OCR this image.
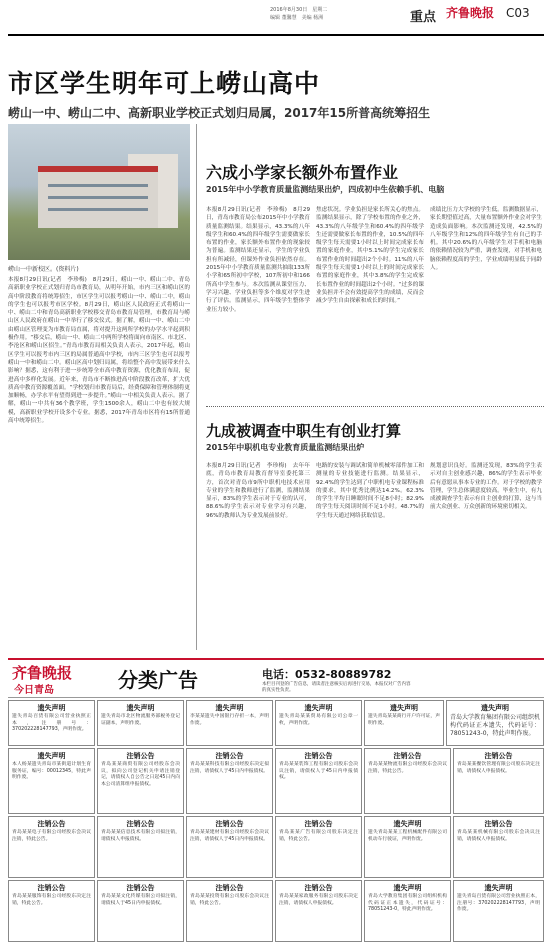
2016年8月30日　星期二
编辑 董馨慧　美编 杨洲	重点 齐鲁晚报 C03
市区学生明年可上崂山高中
崂山一中、崂山二中、高新职业学校正式划归局属，2017年15所普高统筹招生
崂山一中新校区。(资料片)
本报8月29日讯(记者　李珍梅)　8月29日，崂山一中、崂山二中、青岛高新职业学校正式划归青岛市教育局，从明年开始，市内三区和崂山区的高中阶段教育将统筹招生，市区学生可以报考崂山一中、崂山二中，崂山的学生也可以报考市区学校。8月29日，崂山区人民政府正式将崂山一中、崂山二中和青岛高新职业学校移交青岛市教育局管理，市教育局与崂山区人民政府在崂山一中举行了移交仪式。据了解，崂山一中、崂山二中由崂山区管理变为市教育局直属，将对提升这两所学校的办学水平起到积极作用。“移交后，崂山一中、崂山二中两所学校将面向市南区、市北区、李沧区和崂山区招生。”青岛市教育局相关负责人表示，2017年起，崂山区学生可以报考市内三区的局属普通高中学校，市内三区学生也可以报考崂山一中和崂山二中。崂山区高中划归局属，将给整个高中发展带来什么影响？据悉，这有利于进一步统筹全市高中教育资源，优化教育布局，促进高中多样化发展。近年来，青岛市不断推进高中阶段教育改革，扩大优质高中教育资源覆盖面。“学校划归市教育局后，经费保障和管理体制将更加顺畅，办学水平有望得到进一步提升。”崂山一中相关负责人表示。据了解，崂山一中共有36个教学班，学生1500余人，崂山二中也有较大规模，高新职业学校开设多个专业。据悉，2017年青岛市区将有15所普通高中统筹招生。
六成小学家长额外布置作业
2015年中小学教育质量监测结果出炉，四成初中生依赖手机、电脑
本报8月29日讯(记者　李珍梅)　8月29日，青岛市教育局公布2015年中小学教育质量监测结果。结果显示，43.3%的八年级学生和60.4%的四年级学生需要做家长布置的作业，家长额外布置作业的现象较为普遍。监测结果还显示，学生的学业负担有所减轻，但课外作业负担依然存在。2015年中小学教育质量监测共抽取133所小学和65所初中学校，107所初中和166所高中学生参与。本次监测从课堂压力、学习兴趣、学业负担等多个维度对学生进行了评估。监测显示，四年级学生整体学业压力较小。
焦虑状况。学业负担是家长所关心的焦点。监测结果显示，除了学校布置的作业之外，43.3%的八年级学生和60.4%的四年级学生还需要做家长布置的作业，10.5%的四年级学生每天需要1小时以上时间完成家长布置的家庭作业，其中5.1%的学生完成家长布置作业的时间超出2个小时。11%的八年级学生每天需要1小时以上的时间完成家长布置的家庭作业，其中3.8%的学生完成家长布置作业的时间超出2个小时。“过多的课业负担并不会有效提高学生的成绩，反而会减少学生自由探索和成长的时间。”
成绩比压力大学校的学生低。监测数据显示，家长期望值过高，大量布置额外作业会对学生造成负面影响。本次监测还发现，42.5%的八年级学生和12%的四年级学生有自己的手机。其中20.6%的八年级学生对手机和电脑的依赖情况较为严重，调查发现，对手机和电脑依赖程度高的学生，学业成绩明显低于同龄人。
九成被调查中职生有创业打算
2015年中职机电专业教育质量监测结果出炉
本报8月29日讯(记者　李珍梅)　去年年底，青岛市教育局教育督导室委托第三方，首次对青岛市9所中职机电技术应用专业的学生和教师进行了监测，监测结果显示，83%的学生表示对于专业的认可，88.6%的学生表示对专业学习有兴趣，96%的教师认为专业发展前景好。
电路的安装与调试和简单机械零部件加工和测量的专业技能进行监测。结果显示，92.4%的学生达到了中职机电专业课程标准的要求，其中优秀比例达14.2%。62.3%的学生平均日睡眠时间不足8小时；82.9%的学生每天阅读时间不足1小时。48.7%的学生每天通过网络获取信息。
规划意识良好。监测还发现，83%的学生表示对自主创业感兴趣，86%的学生表示毕业后有意愿从事本专业的工作。对于学校的教学管理，学生总体满意度较高。毕业生中，有九成被调查学生表示有自主创业的打算，这与当前大众创业、万众创新的环境密切相关。
齐鲁晚报
今日青岛	分类广告	电话：0532-80889782
本栏目刊登的广告信息，请读者注意核实后再进行交易，本报仅对广告内容的真实性负责。
遗失声明
青岛大学教育集团有限公司组织机构代码证正本遗失，代码证号：78051243-0，特此声明作废。
遗失声明
遗失青岛百货有限公司营业执照正本，注册号：370202228147793，声明作废。
遗失声明
遗失青岛市北区物流服务部税务登记证副本，声明作废。
遗失声明
李某某遗失中国银行存折一本，声明作废。
遗失声明
遗失青岛某某贸易有限公司公章一枚，声明作废。
遗失声明
遗失青岛某某商行开户许可证，声明作废。
遗失声明
本人杨某遗失青岛市某街道计划生育服务证，编号：00012345，特此声明作废。
注销公告
青岛某某商贸有限公司经股东会决议，拟向公司登记机关申请注销登记，请债权人自公告之日起45日内向本公司清算组申报债权。
注销公告
青岛某某科技有限公司经股东决定拟注销，请债权人于45日内申报债权。
注销公告
青岛某某装饰工程有限公司股东会决议注销，请债权人于45日内申报债权。
注销公告
青岛某某物流有限公司经股东会决议注销，特此公告。
注销公告
青岛某某餐饮管理有限公司股东决定注销，请债权人申报债权。
注销公告
青岛某某电子有限公司经股东会决议注销，特此公告。
注销公告
青岛某某信息技术有限公司拟注销，请债权人申报债权。
注销公告
青岛某某建材有限公司经股东会决议注销，请债权人于45日内申报债权。
注销公告
青岛某某广告有限公司股东决定注销，特此公告。
遗失声明
遗失青岛某某工程机械配件有限公司机动车行驶证，声明作废。
注销公告
青岛某某机械有限公司股东会决议注销，请债权人申报债权。
注销公告
青岛某某服饰有限公司经股东决定注销，特此公告。
注销公告
青岛某某文化传媒有限公司拟注销，请债权人于45日内申报债权。
注销公告
青岛某某投资有限公司股东会决议注销，特此公告。
注销公告
青岛某某家政服务有限公司股东决定注销，请债权人申报债权。
遗失声明
青岛大学教育集团有限公司组织机构代码证正本遗失，代码证号：78051243-0，特此声明作废。
遗失声明
遗失青岛百货有限公司营业执照正本，注册号：370202228147793，声明作废。
